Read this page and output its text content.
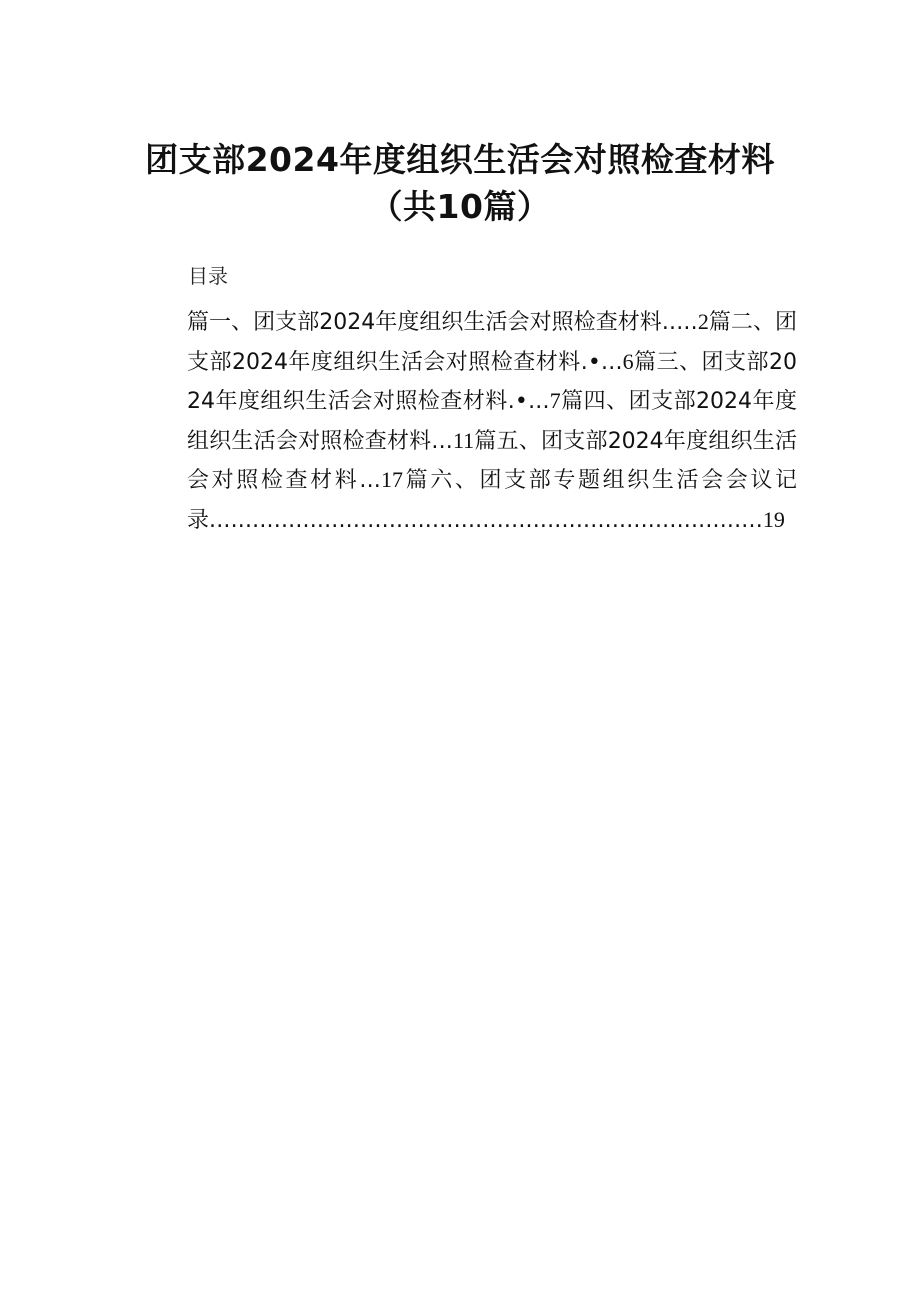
团支部2024年度组织生活会对照检查材料
（共10篇）
目录
篇一、团支部2024年度组织生活会对照检查材料.....2篇二、团支部2024年度组织生活会对照检查材料.•...6篇三、团支部2024年度组织生活会对照检查材料.•...7篇四、团支部2024年度组织生活会对照检查材料...11篇五、团支部2024年度组织生活会对照检查材料...17篇六、团支部专题组织生活会会议记录.............................................................................19
